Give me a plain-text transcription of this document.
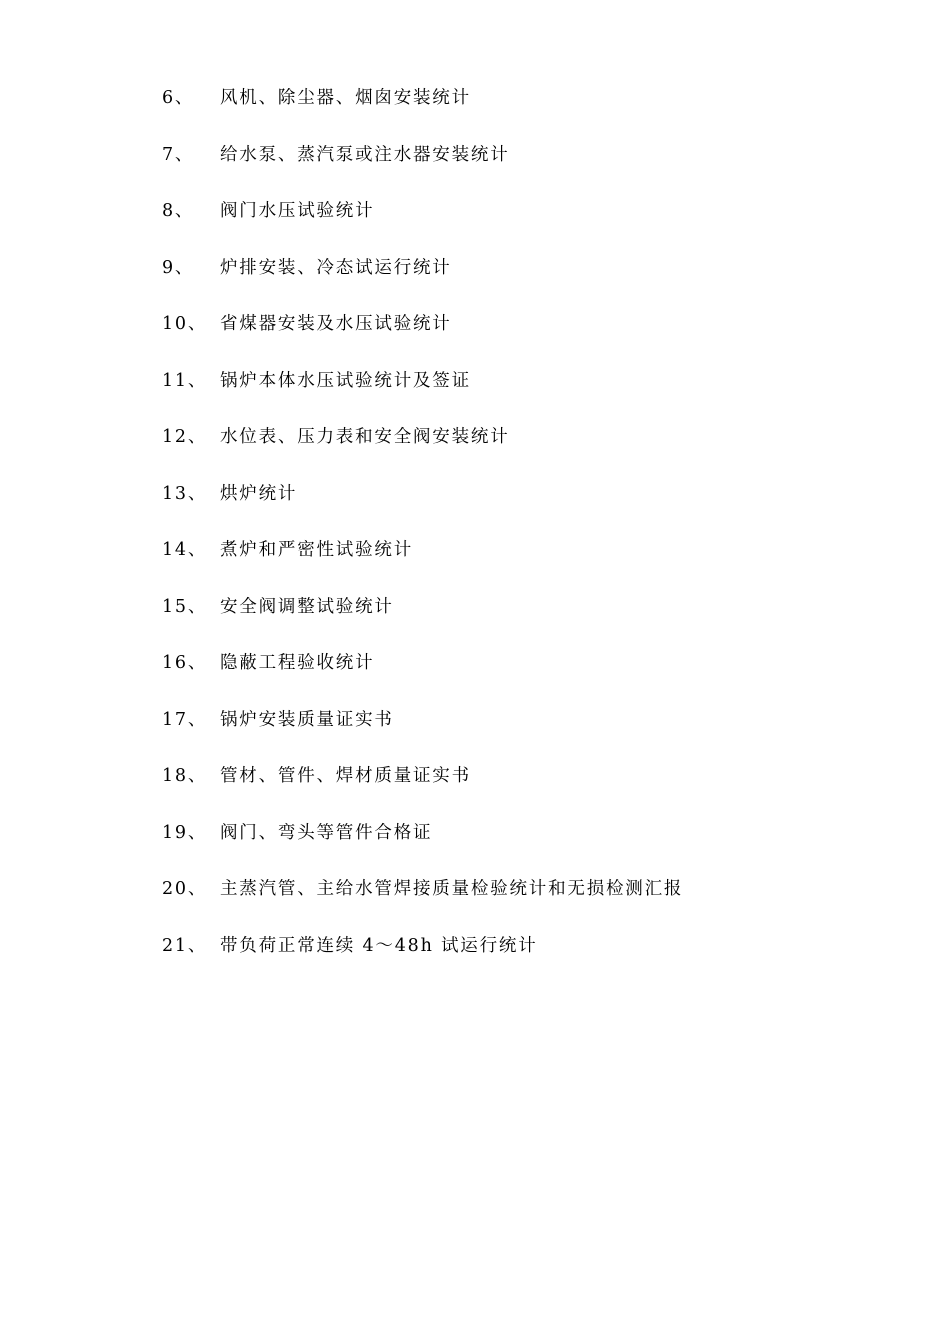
6、	风机、除尘器、烟囱安装统计
7、	给水泵、蒸汽泵或注水器安装统计
8、	阀门水压试验统计
9、	炉排安装、冷态试运行统计
10、 省煤器安装及水压试验统计
11、 锅炉本体水压试验统计及签证
12、 水位表、压力表和安全阀安装统计
13、 烘炉统计
14、 煮炉和严密性试验统计
15、 安全阀调整试验统计
16、 隐蔽工程验收统计
17、 锅炉安装质量证实书
18、 管材、管件、焊材质量证实书
19、 阀门、弯头等管件合格证
20、 主蒸汽管、主给水管焊接质量检验统计和无损检测汇报
21、 带负荷正常连续 4～48h 试运行统计
